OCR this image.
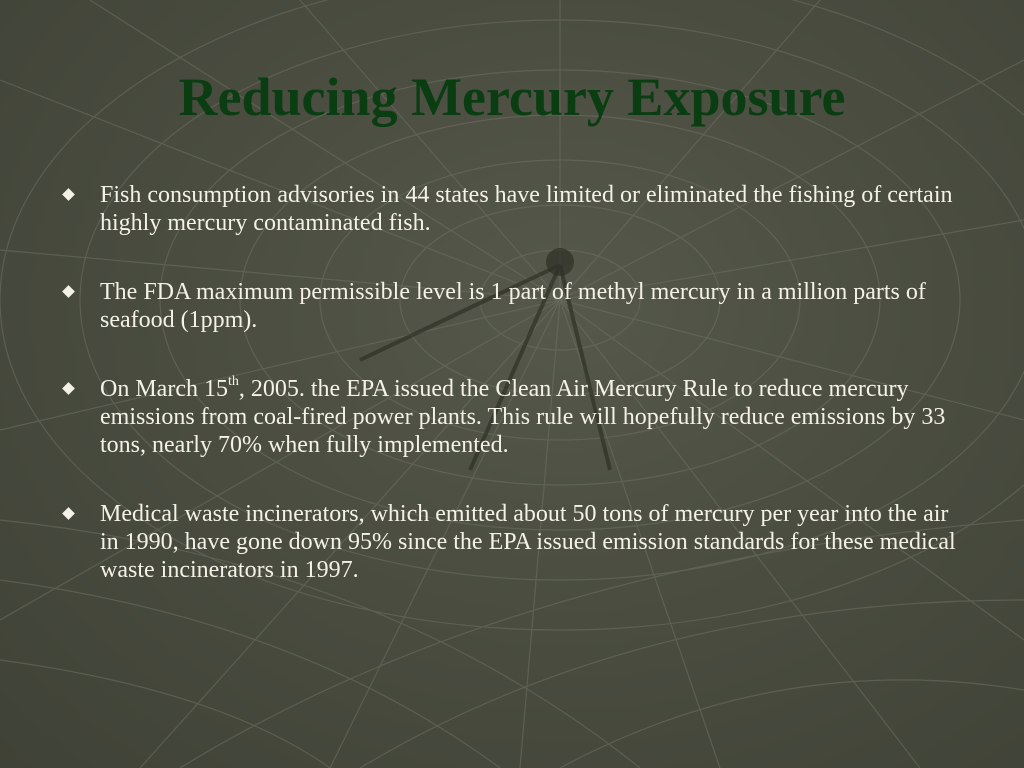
Reducing Mercury Exposure
Fish consumption advisories in 44 states have limited or eliminated the fishing of certain highly mercury contaminated fish.
The FDA maximum permissible level is 1 part of methyl mercury in a million parts of seafood (1ppm).
On March 15th, 2005. the EPA issued the Clean Air Mercury Rule to reduce mercury emissions from coal-fired power plants. This rule will hopefully reduce emissions by 33 tons, nearly 70% when fully implemented.
Medical waste incinerators, which emitted about 50 tons of mercury per year into the air in 1990, have gone down 95% since the EPA issued emission standards for these medical waste incinerators in 1997.
